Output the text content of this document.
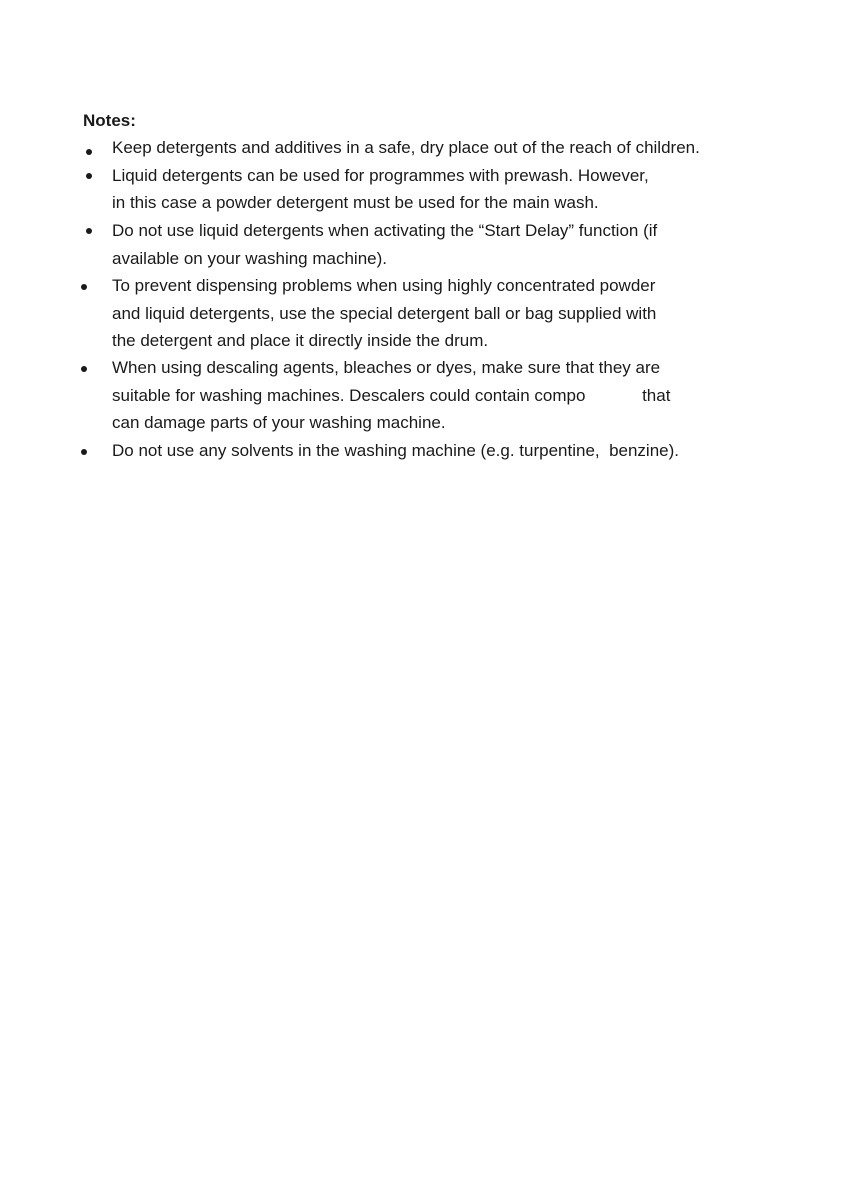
Notes:
Keep detergents and additives in a safe, dry place out of the reach of children.
Liquid detergents can be used for programmes with prewash. However,
in this case a powder detergent must be used for the main wash.
Do not use liquid detergents when activating the “Start Delay” function (if
available on your washing machine).
To prevent dispensing problems when using highly concentrated powder
and liquid detergents, use the special detergent ball or bag supplied with
the detergent and place it directly inside the drum.
When using descaling agents, bleaches or dyes, make sure that they are
suitable for washing machines. Descalers could contain compo            that
can damage parts of your washing machine.
Do not use any solvents in the washing machine (e.g. turpentine,  benzine).
